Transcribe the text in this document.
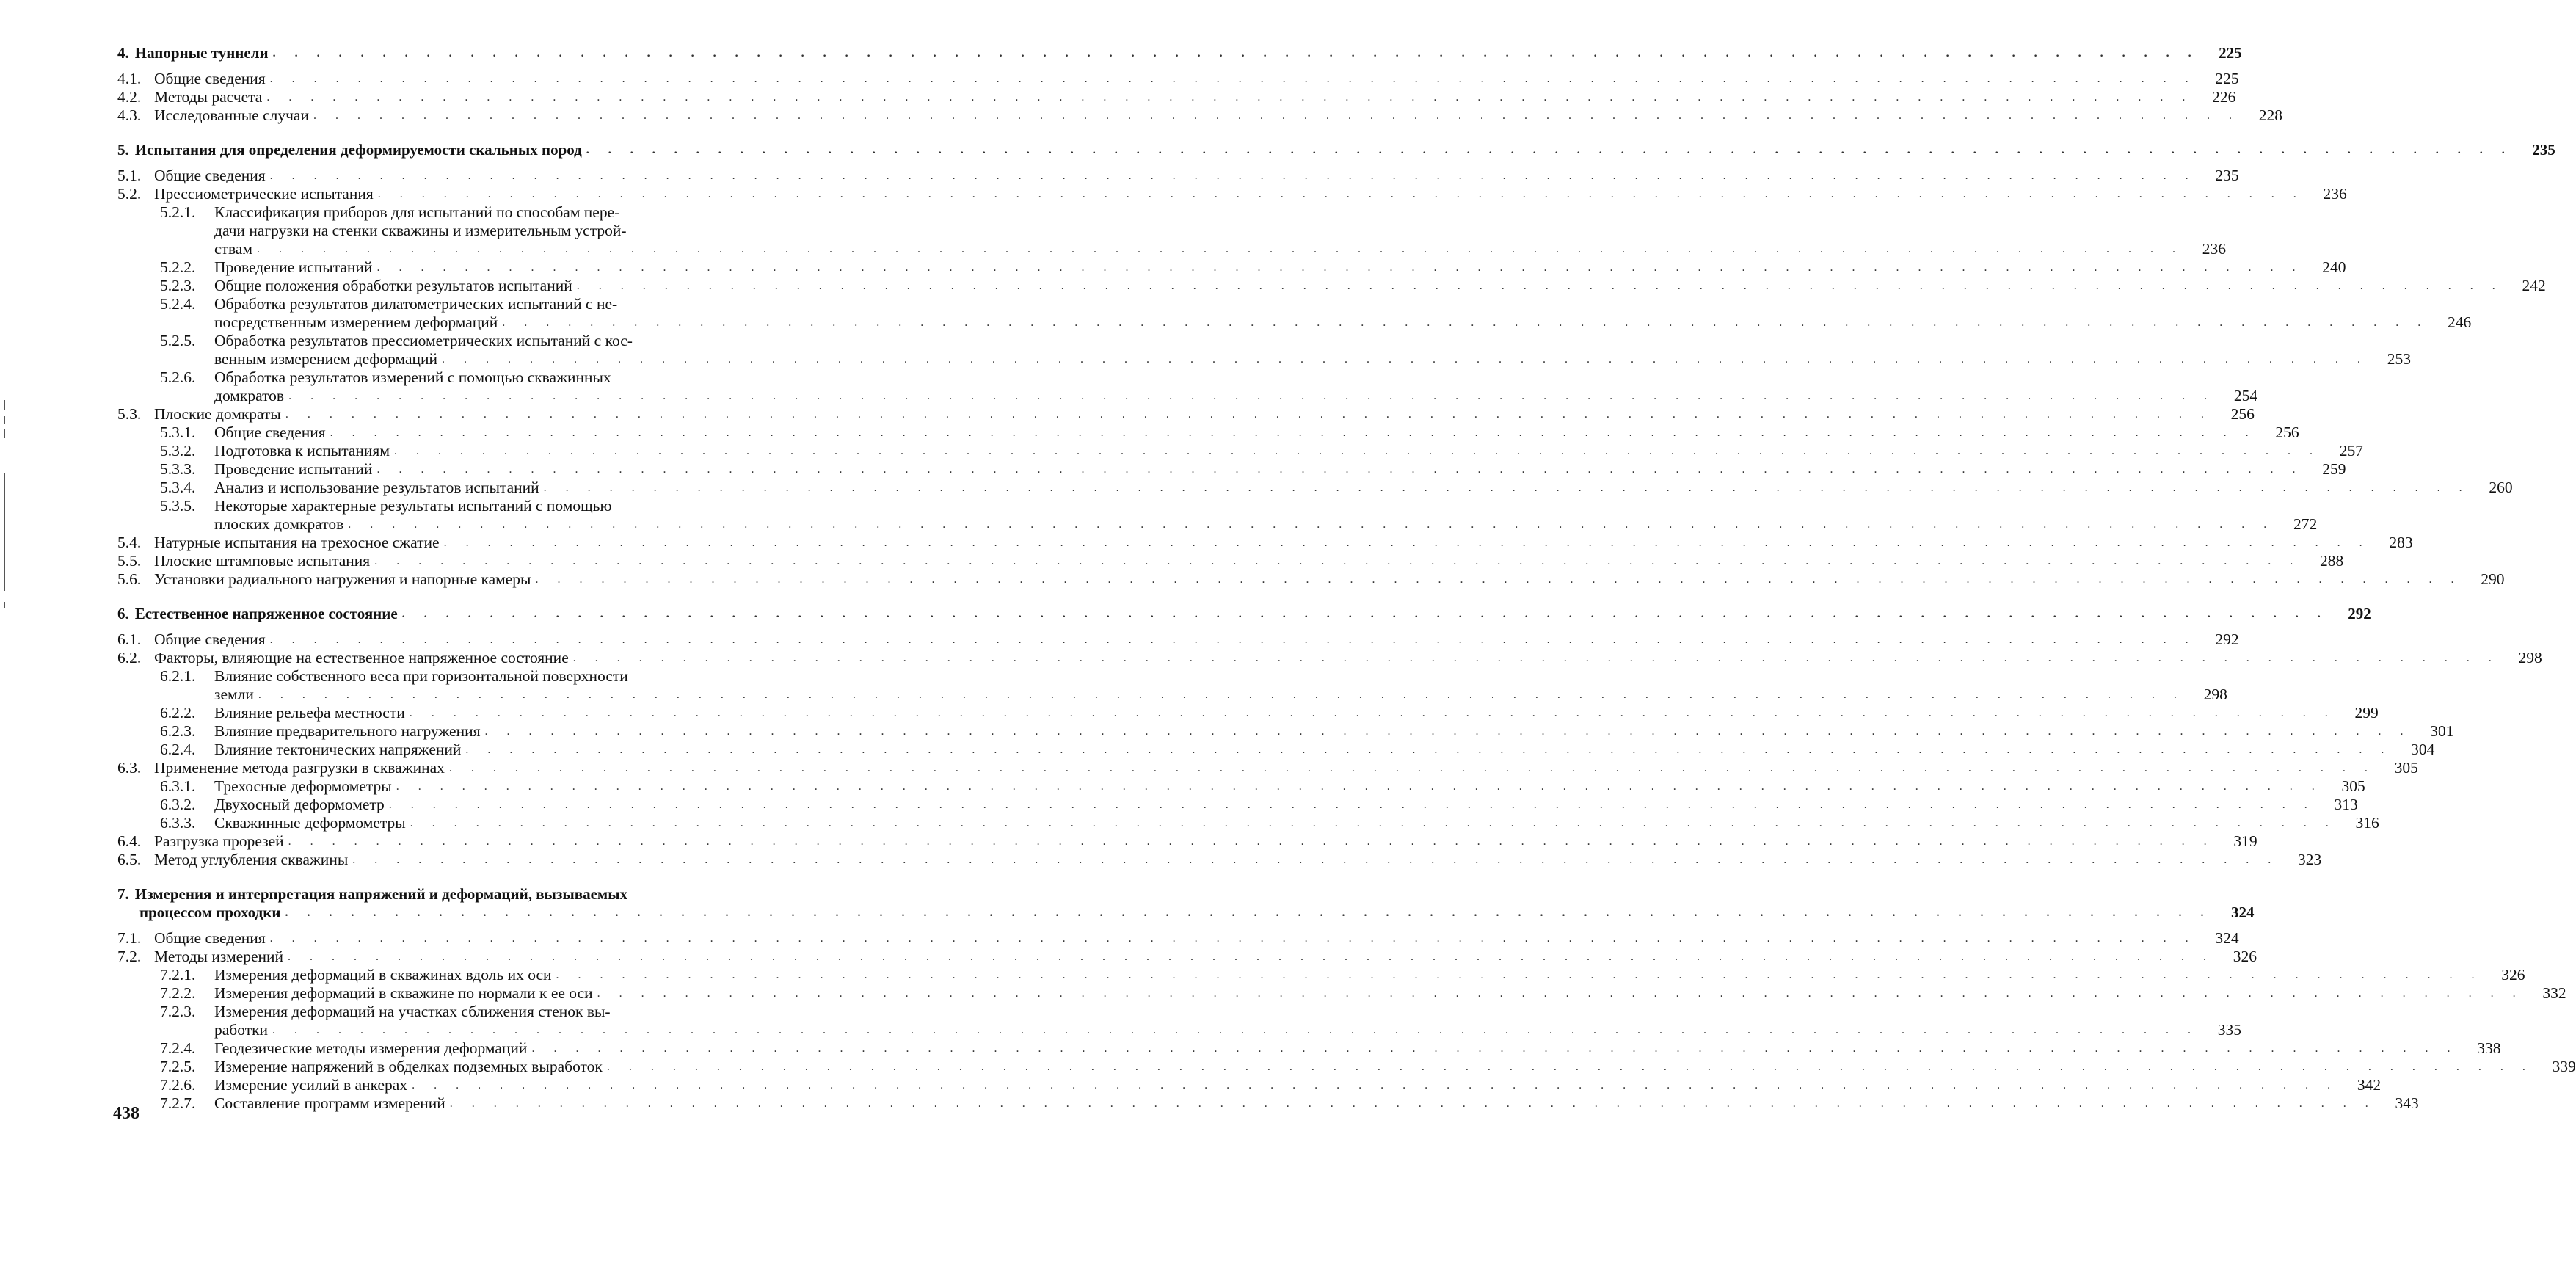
4. Напорные туннели . . .	225
4.1. Общие сведения . . .	225
4.2. Методы расчета . . .	226
4.3. Исследованные случаи . . .	228
5. Испытания для определения деформируемости скальных пород . . .	235
5.1. Общие сведения . . .	235
5.2. Прессиометрические испытания . . .	236
5.2.1.	Классификация приборов для испытаний по способам пере-
дачи нагрузки на стенки скважины и измерительным устрой-
ствам . . .	236
5.2.2.	Проведение испытаний . . .	240
5.2.3.	Общие положения обработки результатов испытаний . . .	242
5.2.4.	Обработка результатов дилатометрических испытаний с не-
посредственным измерением деформаций . . .	246
5.2.5.	Обработка результатов прессиометрических испытаний с кос-
венным измерением деформаций . . .	253
5.2.6.	Обработка результатов измерений с помощью скважинных
домкратов . . .	254
5.3. Плоские домкраты . . .	256
5.3.1.	Общие сведения . . .	256
5.3.2.	Подготовка к испытаниям . . .	257
5.3.3.	Проведение испытаний . . .	259
5.3.4.	Анализ и использование результатов испытаний . . .	260
5.3.5.	Некоторые характерные результаты испытаний с помощью
плоских домкратов . . .	272
5.4. Натурные испытания на трехосное сжатие . . .	283
5.5. Плоские штамповые испытания . . .	288
5.6. Установки радиального нагружения и напорные камеры . . .	290
6. Естественное напряженное состояние . . .	292
6.1. Общие сведения . . .	292
6.2. Факторы, влияющие на естественное напряженное состояние . . .	298
6.2.1.	Влияние собственного веса при горизонтальной поверхности
земли . . .	298
6.2.2.	Влияние рельефа местности . . .	299
6.2.3.	Влияние предварительного нагружения . . .	301
6.2.4.	Влияние тектонических напряжений . . .	304
6.3. Применение метода разгрузки в скважинах . . .	305
6.3.1.	Трехосные деформометры . . .	305
6.3.2.	Двухосный деформометр . . .	313
6.3.3.	Скважинные деформометры . . .	316
6.4. Разгрузка прорезей . . .	319
6.5. Метод углубления скважины . . .	323
7. Измерения и интерпретация напряжений и деформаций, вызываемых
процессом проходки . . .	324
7.1. Общие сведения . . .	324
7.2. Методы измерений . . .	326
7.2.1.	Измерения деформаций в скважинах вдоль их оси . . .	326
7.2.2.	Измерения деформаций в скважине по нормали к ее оси . . .	332
7.2.3.	Измерения деформаций на участках сближения стенок вы-
работки . . .	335
7.2.4.	Геодезические методы измерения деформаций . . .	338
7.2.5.	Измерение напряжений в обделках подземных выработок . . .	339
7.2.6.	Измерение усилий в анкерах . . .	342
7.2.7.	Составление программ измерений . . .	343
438
